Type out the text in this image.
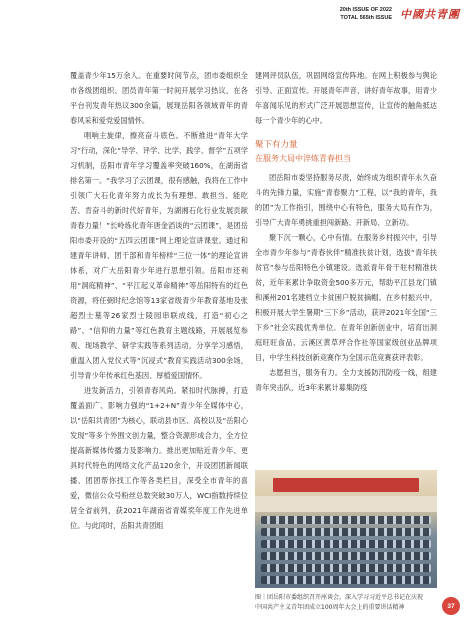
20th ISSUE OF 2022
TOTAL 565th ISSUE 中國共青團

覆盖青少年15万余人。在重要时间节点，团市委组织全市各级团组织、团员青年第一时间开展学习热议，在各平台刊发青年热议300余篇，展现岳阳各领域青年的青春风采和爱党爱国情怀。

唱响主旋律，擦亮奋斗底色。不断推进“青年大学习”行动，深化“导学、评学、比学、践学、督学”五项学习机制，岳阳市青年学习覆盖率突破160%，在湖南省排名第一。“我学习了云团课，很有感触，我将在工作中引领广大石化青年努力成长为有理想、敢担当、能吃苦、肯奋斗的新时代好青年，为湖湘石化行业发展贡献青春力量！”长岭炼化青年唐金滔谈的“云团课”，是团岳阳市委开设的“五四云团课”网上理论宣讲课堂。通过和建青年讲师、团干部和青年榜样“三位一体”的理论宣讲体系，对广大岳阳青少年进行思想引领。岳阳市还利用“洞庭精神”、“平江起义革命精神”等岳阳特有的红色资源，将任弼时纪念馆等13家省级青少年教育基地及张超烈士墓等26家烈士陵园串联成线，打造“初心之路”、“信仰的力量”等红色教育主题线路，开展展览参观、现场教学、研学实践等系列活动，分享学习感悟，重温入团入党仪式等“沉浸式”教育实践活动300余场，引导青少年传承红色基因、厚植爱国情怀。

进发新活力，引领青春风尚。紧扣时代脉搏，打造覆盖面广、影响力强的“1+2+N”青少年全媒体中心，以“岳阳共青团”为核心，联动县市区、高校以及“岳阳心发现”等多个外围文创力量，整合资源形成合力，全方位提高新媒体传播力及影响力。推出更加贴近青少年、更具时代特色的网络文化产品120余个，开设团团新闻联播、团团帮你找工作等各类栏目，深受全市青年的喜爱，微信公众号粉丝总数突破30万人，WCI指数持续位居全省前列，获2021年湖南省青媒奖年度工作先进单位。与此同时，岳阳共青团组

建网评员队伍，巩固网络宣传阵地。在网上积极参与舆论引导、正面宣传。开展青年声音、讲好青年故事，用青少年喜闻乐见的形式广泛开展思想宣传，让宣传的触角抵达每一个青少年的心中。

聚下有力量
在服务大局中淬炼青春担当

团岳阳市委坚持服务尽责，始终成为组织青年永久奋斗的先锋力量，实施“青春聚力”工程，以“我的青年，我的团”为工作指引，围绕中心有特色，服务大局有作为，引导广大青年勇挑重担闯新路、开新局、立新功。

聚下沉一颗心，心中有情。在服务乡村振兴中，引导全市青少年参与“青春伙伴”精准扶贫计划，选拔“青年扶贫官”参与岳阳特色小镇建设。选派青年骨干驻村精准扶贫，近年来累计争取资金500多万元，帮助平江县龙门镇和溪州201名建档立卡贫困户脱贫摘帽。在乡村振兴中，积极开展大学生暑期“三下乡”活动，获评2021年全国“三下乡”社会实践优秀单位。在青年创新创业中，培育出洞庭旺旺食品、云溪区黄草坪合作社等国家级创业品牌项目，中学生科技创新竞赛作为全国示范竞赛获评表彰。

志愿担当，服务有力。全力支援防汛防疫一线，组建青年突击队，近3年来累计募集防疫

图｜团岳阳市委组织召开座谈会，深入学习习近平总书记在庆祝中国共产主义青年团成立100周年大会上的重要讲话精神	37
